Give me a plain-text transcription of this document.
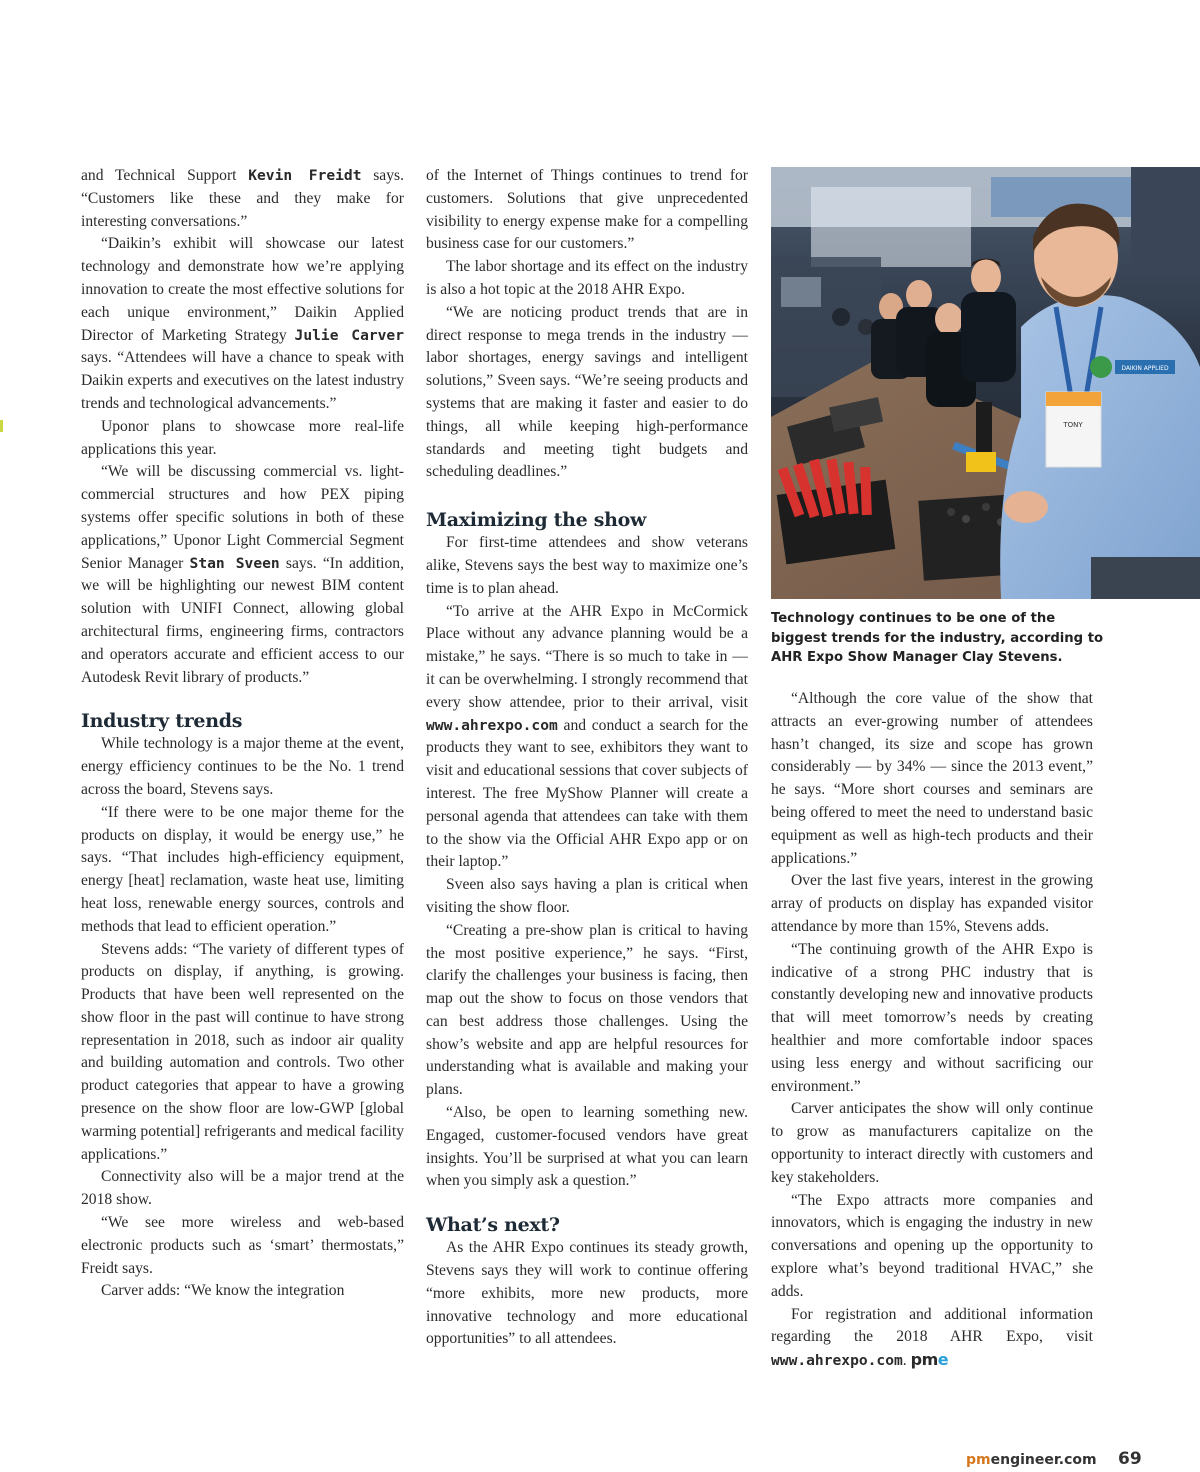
and Technical Support Kevin Freidt says. “Customers like these and they make for interesting conversations.”

“Daikin’s exhibit will showcase our latest technology and demonstrate how we’re applying innovation to create the most effective solutions for each unique environment,” Daikin Applied Director of Marketing Strategy Julie Carver says. “Attendees will have a chance to speak with Daikin experts and executives on the latest industry trends and technological advancements.”

Uponor plans to showcase more real-life applications this year.

“We will be discussing commercial vs. light-commercial structures and how PEX piping systems offer specific solutions in both of these applications,” Uponor Light Commercial Segment Senior Manager Stan Sveen says. “In addition, we will be highlighting our newest BIM content solution with UNIFI Connect, allowing global architectural firms, engineering firms, contractors and operators accurate and efficient access to our Autodesk Revit library of products.”

Industry trends

While technology is a major theme at the event, energy efficiency continues to be the No. 1 trend across the board, Stevens says.

“If there were to be one major theme for the products on display, it would be energy use,” he says. “That includes high-efficiency equipment, energy [heat] reclamation, waste heat use, limiting heat loss, renewable energy sources, controls and methods that lead to efficient operation.”

Stevens adds: “The variety of different types of products on display, if anything, is growing. Products that have been well represented on the show floor in the past will continue to have strong representation in 2018, such as indoor air quality and building automation and controls. Two other product categories that appear to have a growing presence on the show floor are low-GWP [global warming potential] refrigerants and medical facility applications.”

Connectivity also will be a major trend at the 2018 show.

“We see more wireless and web-based electronic products such as ‘smart’ thermostats,” Freidt says.

Carver adds: “We know the integration

of the Internet of Things continues to trend for customers. Solutions that give unprecedented visibility to energy expense make for a compelling business case for our customers.”

The labor shortage and its effect on the industry is also a hot topic at the 2018 AHR Expo.

“We are noticing product trends that are in direct response to mega trends in the industry — labor shortages, energy savings and intelligent solutions,” Sveen says. “We’re seeing products and systems that are making it faster and easier to do things, all while keeping high-performance standards and meeting tight budgets and scheduling deadlines.”

Maximizing the show

For first-time attendees and show veterans alike, Stevens says the best way to maximize one’s time is to plan ahead.

“To arrive at the AHR Expo in McCormick Place without any advance planning would be a mistake,” he says. “There is so much to take in — it can be overwhelming. I strongly recommend that every show attendee, prior to their arrival, visit www.ahrexpo.com and conduct a search for the products they want to see, exhibitors they want to visit and educational sessions that cover subjects of interest. The free MyShow Planner will create a personal agenda that attendees can take with them to the show via the Official AHR Expo app or on their laptop.”

Sveen also says having a plan is critical when visiting the show floor.

“Creating a pre-show plan is critical to having the most positive experience,” he says. “First, clarify the challenges your business is facing, then map out the show to focus on those vendors that can best address those challenges. Using the show’s website and app are helpful resources for understanding what is available and making your plans.

“Also, be open to learning something new. Engaged, customer-focused vendors have great insights. You’ll be surprised at what you can learn when you simply ask a question.”

What’s next?

As the AHR Expo continues its steady growth, Stevens says they will work to continue offering “more exhibits, more new products, more innovative technology and more educational opportunities” to all attendees.

TONY
DAIKIN APPLIED
Technology continues to be one of the biggest trends for the industry, according to AHR Expo Show Manager Clay Stevens.

“Although the core value of the show that attracts an ever-growing number of attendees hasn’t changed, its size and scope has grown considerably — by 34% — since the 2013 event,” he says. “More short courses and seminars are being offered to meet the need to understand basic equipment as well as high-tech products and their applications.”

Over the last five years, interest in the growing array of products on display has expanded visitor attendance by more than 15%, Stevens adds.

“The continuing growth of the AHR Expo is indicative of a strong PHC industry that is constantly developing new and innovative products that will meet tomorrow’s needs by creating healthier and more comfortable indoor spaces using less energy and without sacrificing our environment.”

Carver anticipates the show will only continue to grow as manufacturers capitalize on the opportunity to interact directly with customers and key stakeholders.

“The Expo attracts more companies and innovators, which is engaging the industry in new conversations and opening up the opportunity to explore what’s beyond traditional HVAC,” she adds.

For registration and additional information regarding the 2018 AHR Expo, visit www.ahrexpo.com. pme

pmengineer.com 69
